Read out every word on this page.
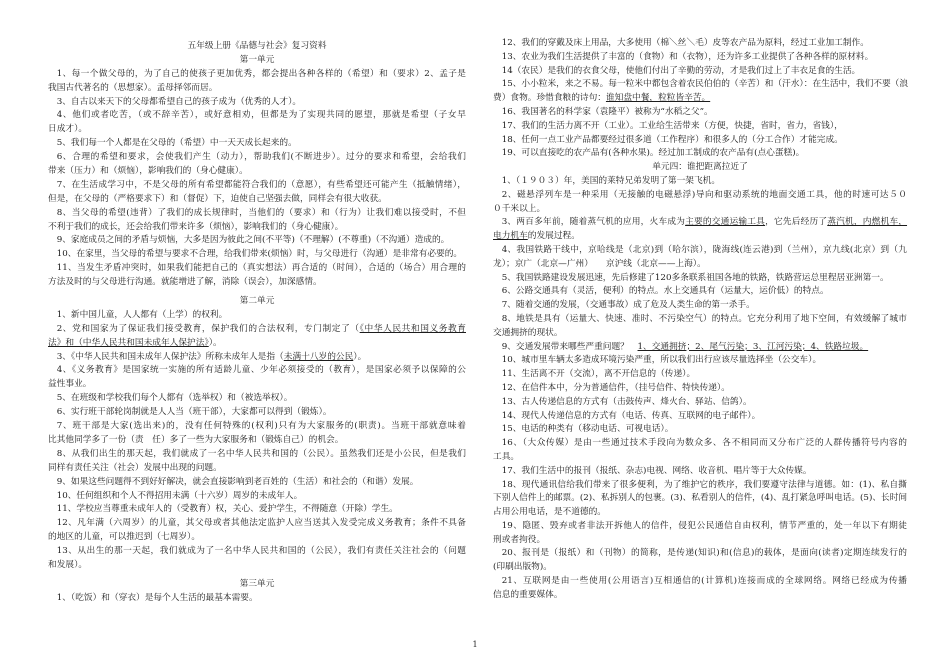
五年级上册《品德与社会》复习资料
第一单元
1、每一个做父母的，为了自己的使孩子更加优秀，都会提出各种各样的（希望）和（要求）2、孟子是
我国古代著名的（思想家）。孟母择邻而居。
3、自古以来天下的父母都希望自己的孩子成为（优秀的人才）。
4、他们或者吃苦，（或不辞辛苦），或好意相劝，但都是为了实现共同的愿望，那就是希望（子女早
日成才）。
5、我们每一个人都是在父母的（希望）中一天天成长起来的。
6、合理的希望和要求，会使我们产生（动力），帮助我们(不断进步）。过分的要求和希望，会给我们
带来（压力）和（烦恼），影响我们的（身心健康）。
7、在生活成学习中，不是父母的所有希望都能符合我们的（意愿），有些希望还可能产生（抵触情绪），
但是，在父母的（严格要求下）和（督促）下，迫使自己坚强去做，同样会有很大收获。
8、当父母的希望(违背）了我们的成长规律时，当他们的（要求）和（行为）让我们难以接受时，不但
不利于我们的成长，还会给我们带来许多（烦恼），影响我们的（身心健康）。
9、家庭成员之间的矛盾与烦恼，大多是因为彼此之间(不平等)（不理解）(不尊重)（不沟通）造成的。
10、在家里，当父母的希望与要求不合理，给我们带来(烦恼）时，与父母进行（沟通）是非常有必要的。
11、当发生矛盾冲突时，如果我们能把自己的（真实想法）再合适的（时间），合适的（场合）用合理的
方法及时的与父母进行沟通。就能增进了解，消除（误会），加深感情。
第二单元
1、新中国儿童，人人都有（上学）的权利。
2、党和国家为了保证我们接受教育，保护我们的合法权利，专门制定了（《中华人民共和国义务教育
法》和（中华人民共和国未成年人保护法》）。
3、《中华人民共和国未成年人保护法》所称未成年人是指（未满十八岁的公民）。
4、《义务教育》是国家统一实施的所有适龄儿童、少年必须接受的（教育），是国家必须予以保障的公
益性事业。
5、在班级和学校我们每个人都有（选举权）和（被选举权）。
6、实行班干部轮岗制就是人人当（班干部），大家都可以得到（锻炼）。
7、班干部是大家(选出来)的，没有任何特殊的(权利)只有为大家服务的(职责)。当班干部就意味着
比其他同学多了一份（责　任）多了一些为大家服务和（锻炼自己）的机会。
8、从我们出生的那天起，我们就成了一名中华人民共和国的（公民）。虽然我们还是小公民，但是我们
同样有责任关注（社会）发展中出现的问题。
9、如果这些问题得不到好好解决，就会直接影响到老百姓的（生活）和社会的（和谐）发展。
10、任何组织和个人不得招用未满（十六岁）周岁的未成年人。
11、学校应当尊重未成年人的（受教育）权，关心、爱护学生，不得随意（开除）学生。
12、凡年满（六周岁）的儿童，其父母或者其他法定监护人应当送其入发受完成义务教育；条件不具备
的地区的儿童，可以推迟到（七周岁）。
13、从出生的那一天起，我们就成为了一名中华人民共和国的（公民），我们有责任关注社会的（问题
和发展）。
第三单元
1、（吃饭）和（穿衣）是每个人生活的最基本需要。
12、我们的穿戴及床上用品，大多使用（棉＼丝＼毛）皮等农产品为原料，经过工业加工制作。
13、农业为我们生活提供了丰富的（食物）和（衣物），还为许多工业提供了各种各样的原材料。
14（农民）是我们的衣食父母，使他们付出了辛勤的劳动，才是我们过上了丰衣足食的生活。
15、小小粒米，来之不易。每一粒米中都包含着农民伯伯的（辛苦）和（汗水）：在生活中，我们不要（浪
费）食物。珍惜食粮的诗句：谁知盘中餐，粒粒皆辛苦。
16、我国著名的科学家（袁隆平）被称为“水稻之父”。
17、我们的生活力离不开（工业）。工业给生活带来（方便，快捷，省时，省力，省钱），
18、任何一点工业产品都要经过很多道（工作程序）和很多人的（分工合作）才能完成。
19、可以直接吃的农产品有(各种水果)。经过加工制成的农产品有(点心蛋糕)。
单元四：谁把距离拉近了
1、（１９０３）年，美国的莱特兄弟发明了第一架飞机。
2、磁悬浮列车是一种采用（无接触的电磁悬浮)导向和驱动系统的地面交通工具，他的时速可达５０
０千米以上。
3、两百多年前，随着蒸气机的应用，火车成为主要的交通运输工具，它先后经历了蒸汽机，内燃机车，
电力机车的发展过程。
4、我国铁路干线中，京哈线是（北京)到（哈尔滨），陇海线(连云港)到（兰州），京九线(北京）到（九
龙）；京广（北京—广州）　　京沪线（北京——上海）。
5、我国铁路建设发展迅速，先后修建了120多条联系祖国各地的铁路，铁路营运总里程居亚洲第一。
6、公路交通具有（灵活，便利）的特点。水上交通具有（运量大，运价低）的特点。
7、随着交通的发展，（交通事故）成了危及人类生命的第一杀手。
8、地铁是具有（运量大、快速、准时、不污染空气）的特点。它充分利用了地下空间，有效缓解了城市
交通拥挤的现状。
9、交通发展带来哪些严重问题？　1、交通拥挤；2、尾气污染；3、江河污染；4、铁路垃圾。
10、城市里车辆太多造成环境污染严重，所以我们出行应该尽量选择坐（公交车）。
11、生活离不开（交流），离不开信息的（传递）。
12、在信件本中，分为普通信件，（挂号信件、特快传递）。
13、古人传递信息的方式有（击鼓传声、烽火台、驿站、信鸽）。
14、现代人传递信息的方式有（电话、传真、互联网的电子邮件）。
15、电话的种类有（移动电话、可视电话）。
16、（大众传媒）是由一些通过技术手段向为数众多、各不相同而又分布广泛的人群传播符号内容的
工具。
17、我们生活中的报刊（报纸、杂志)电视、网络、收音机、唱片等于大众传媒。
18、现代通讯信给我们带来了很多便利，为了维护它的秩序，我们要遵守法律与道德。如：(1)、私自撕
下别人信件上的邮票。(2)、私拆别人的包裹。(3)、私看别人的信件，(4)、乱打紧急呼叫电话。(5)、长时间
占用公用电话，是不道德的。
19、隐匿、毁弃或者非法开拆他人的信件，侵犯公民通信自由权利，情节严重的，处一年以下有期徒
刑或者拘役。
20、报刊是（报纸）和（刊物）的简称，是传递(知识)和(信息)的载体，是面向(读者)定期连续发行的
(印刷出版物)。
21、互联网是由一些使用(公用语言)互相通信的(计算机)连接而成的全球网络。网络已经成为传播
信息的重要媒体。
1
